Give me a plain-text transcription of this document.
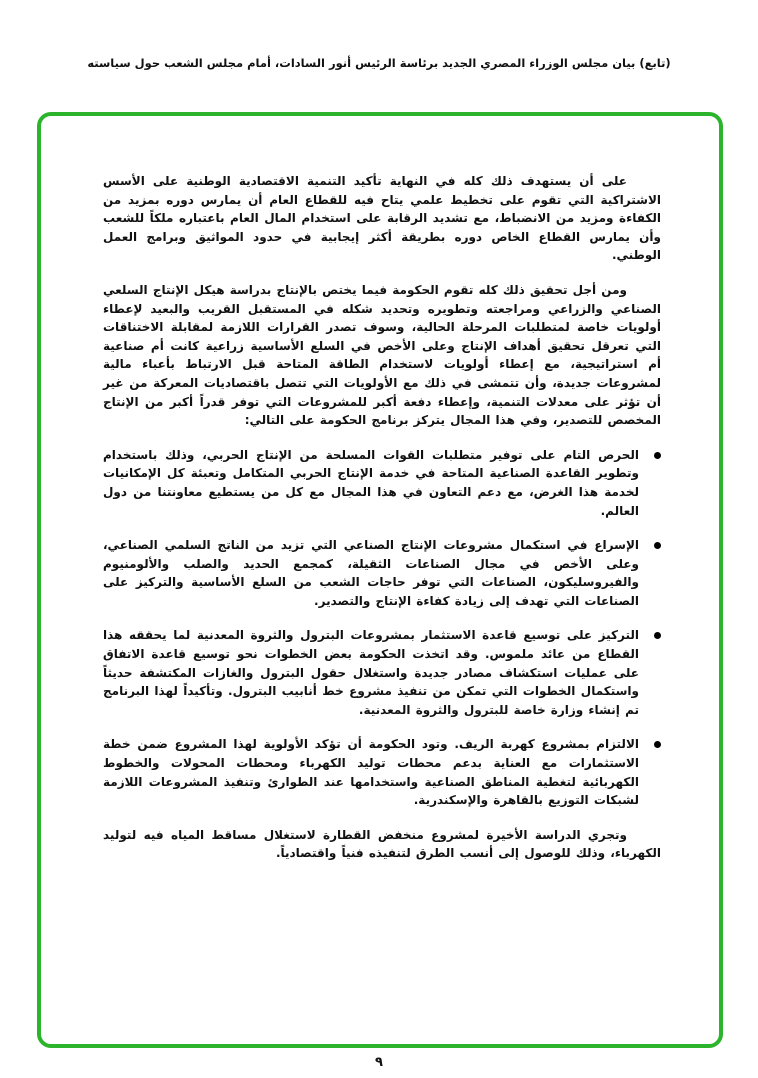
(تابع) بيان مجلس الوزراء المصري الجديد برئاسة الرئيس أنور السادات، أمام مجلس الشعب حول سياسته

على أن يستهدف ذلك كله في النهاية تأكيد التنمية الاقتصادية الوطنية على الأسس الاشتراكية التي تقوم على تخطيط علمي يتاح فيه للقطاع العام أن يمارس دوره بمزيد من الكفاءة ومزيد من الانضباط، مع تشديد الرقابة على استخدام المال العام باعتباره ملكاً للشعب وأن يمارس القطاع الخاص دوره بطريقة أكثر إيجابية في حدود المواثيق وبرامج العمل الوطني.

ومن أجل تحقيق ذلك كله تقوم الحكومة فيما يختص بالإنتاج بدراسة هيكل الإنتاج السلعي الصناعي والزراعي ومراجعته وتطويره وتحديد شكله في المستقبل القريب والبعيد لإعطاء أولويات خاصة لمتطلبات المرحلة الحالية، وسوف تصدر القرارات اللازمة لمقابلة الاختناقات التي تعرقل تحقيق أهداف الإنتاج وعلى الأخص في السلع الأساسية زراعية كانت أم صناعية أم استراتيجية، مع إعطاء أولويات لاستخدام الطاقة المتاحة قبل الارتباط بأعباء مالية لمشروعات جديدة، وأن تتمشى في ذلك مع الأولويات التي تتصل باقتصاديات المعركة من غير أن تؤثر على معدلات التنمية، وإعطاء دفعة أكبر للمشروعات التي توفر قدراً أكبر من الإنتاج المخصص للتصدير، وفي هذا المجال يتركز برنامج الحكومة على التالي:

الحرص التام على توفير متطلبات القوات المسلحة من الإنتاج الحربي، وذلك باستخدام وتطوير القاعدة الصناعية المتاحة في خدمة الإنتاج الحربي المتكامل وتعبئة كل الإمكانيات لخدمة هذا الغرض، مع دعم التعاون في هذا المجال مع كل من يستطيع معاونتنا من دول العالم.

الإسراع في استكمال مشروعات الإنتاج الصناعي التي تزيد من الناتج السلمي الصناعي، وعلى الأخص في مجال الصناعات الثقيلة، كمجمع الحديد والصلب والألومنيوم والفيروسليكون، الصناعات التي توفر حاجات الشعب من السلع الأساسية والتركيز على الصناعات التي تهدف إلى زيادة كفاءة الإنتاج والتصدير.

التركيز على توسيع قاعدة الاستثمار بمشروعات البترول والثروة المعدنية لما يحققه هذا القطاع من عائد ملموس. وقد اتخذت الحكومة بعض الخطوات نحو توسيع قاعدة الاتفاق على عمليات استكشاف مصادر جديدة واستغلال حقول البترول والغازات المكتشفة حديثاً واستكمال الخطوات التي تمكن من تنفيذ مشروع خط أنابيب البترول. وتأكيداً لهذا البرنامج تم إنشاء وزارة خاصة للبترول والثروة المعدنية.

الالتزام بمشروع كهربة الريف. وتود الحكومة أن تؤكد الأولوية لهذا المشروع ضمن خطة الاستثمارات مع العناية بدعم محطات توليد الكهرباء ومحطات المحولات والخطوط الكهربائية لتغطية المناطق الصناعية واستخدامها عند الطوارئ وتنفيذ المشروعات اللازمة لشبكات التوزيع بالقاهرة والإسكندرية.

وتجري الدراسة الأخيرة لمشروع منخفض القطارة لاستغلال مساقط المياه فيه لتوليد الكهرباء، وذلك للوصول إلى أنسب الطرق لتنفيذه فنياً واقتصادياً.

٩
